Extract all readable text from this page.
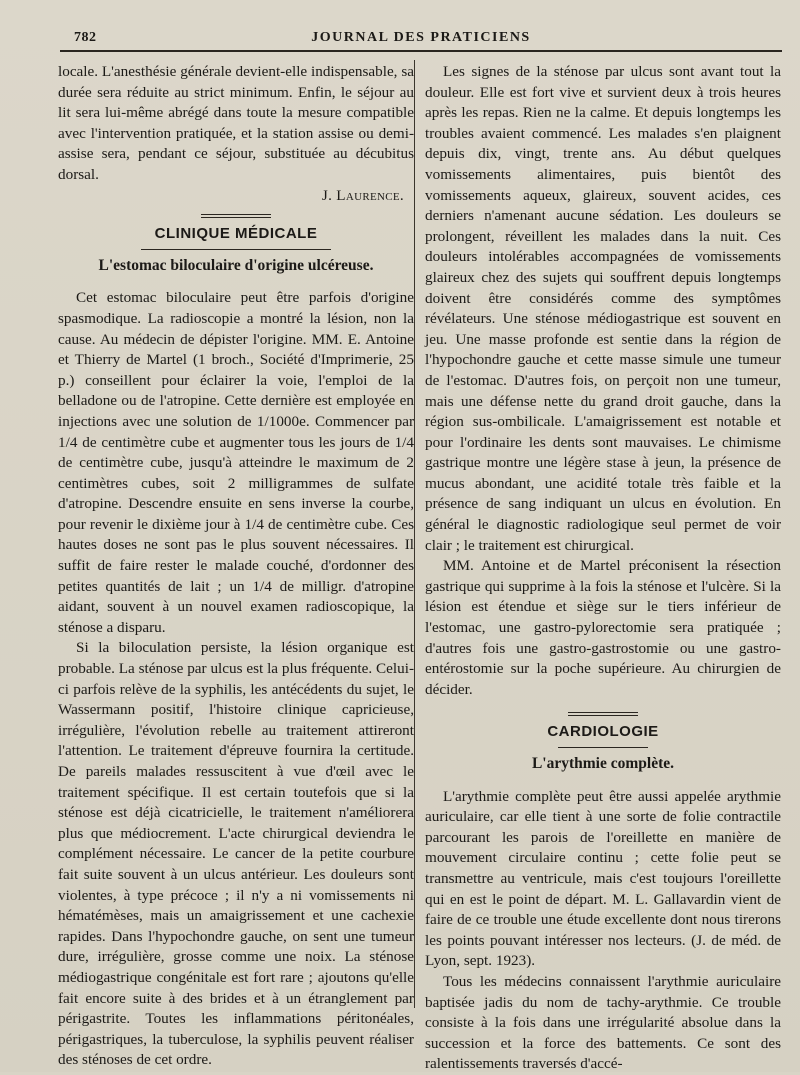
782	JOURNAL DES PRATICIENS

locale. L'anesthésie générale devient-elle indispensable, sa durée sera réduite au strict minimum. Enfin, le séjour au lit sera lui-même abrégé dans toute la mesure compatible avec l'intervention pratiquée, et la station assise ou demi-assise sera, pendant ce séjour, substituée au décubitus dorsal.

J. Laurence.

CLINIQUE MÉDICALE
L'estomac biloculaire d'origine ulcéreuse.

Cet estomac biloculaire peut être parfois d'origine spasmodique. La radioscopie a montré la lésion, non la cause. Au médecin de dépister l'origine. MM. E. Antoine et Thierry de Martel (1 broch., Société d'Imprimerie, 25 p.) conseillent pour éclairer la voie, l'emploi de la belladone ou de l'atropine. Cette dernière est employée en injections avec une solution de 1/1000e. Commencer par 1/4 de centimètre cube et augmenter tous les jours de 1/4 de centimètre cube, jusqu'à atteindre le maximum de 2 centimètres cubes, soit 2 milligrammes de sulfate d'atropine. Descendre ensuite en sens inverse la courbe, pour revenir le dixième jour à 1/4 de centimètre cube. Ces hautes doses ne sont pas le plus souvent nécessaires. Il suffit de faire rester le malade couché, d'ordonner des petites quantités de lait ; un 1/4 de milligr. d'atropine aidant, souvent à un nouvel examen radioscopique, la sténose a disparu.

Si la biloculation persiste, la lésion organique est probable. La sténose par ulcus est la plus fréquente. Celui-ci parfois relève de la syphilis, les antécédents du sujet, le Wassermann positif, l'histoire clinique capricieuse, irrégulière, l'évolution rebelle au traitement attireront l'attention. Le traitement d'épreuve fournira la certitude. De pareils malades ressuscitent à vue d'œil avec le traitement spécifique. Il est certain toutefois que si la sténose est déjà cicatricielle, le traitement n'améliorera plus que médiocrement. L'acte chirurgical deviendra le complément nécessaire. Le cancer de la petite courbure fait suite souvent à un ulcus antérieur. Les douleurs sont violentes, à type précoce ; il n'y a ni vomissements ni hématémèses, mais un amaigrissement et une cachexie rapides. Dans l'hypochondre gauche, on sent une tumeur dure, irrégulière, grosse comme une noix. La sténose médiogastrique congénitale est fort rare ; ajoutons qu'elle fait encore suite à des brides et à un étranglement par périgastrite. Toutes les inflammations péritonéales, périgastriques, la tuberculose, la syphilis peuvent réaliser des sténoses de cet ordre.

Les signes de la sténose par ulcus sont avant tout la douleur. Elle est fort vive et survient deux à trois heures après les repas. Rien ne la calme. Et depuis longtemps les troubles avaient commencé. Les malades s'en plaignent depuis dix, vingt, trente ans. Au début quelques vomissements alimentaires, puis bientôt des vomissements aqueux, glaireux, souvent acides, ces derniers n'amenant aucune sédation. Les douleurs se prolongent, réveillent les malades dans la nuit. Ces douleurs intolérables accompagnées de vomissements glaireux chez des sujets qui souffrent depuis longtemps doivent être considérés comme des symptômes révélateurs. Une sténose médiogastrique est souvent en jeu. Une masse profonde est sentie dans la région de l'hypochondre gauche et cette masse simule une tumeur de l'estomac. D'autres fois, on perçoit non une tumeur, mais une défense nette du grand droit gauche, dans la région sus-ombilicale. L'amaigrissement est notable et pour l'ordinaire les dents sont mauvaises. Le chimisme gastrique montre une légère stase à jeun, la présence de mucus abondant, une acidité totale très faible et la présence de sang indiquant un ulcus en évolution. En général le diagnostic radiologique seul permet de voir clair ; le traitement est chirurgical.

MM. Antoine et de Martel préconisent la résection gastrique qui supprime à la fois la sténose et l'ulcère. Si la lésion est étendue et siège sur le tiers inférieur de l'estomac, une gastro-pylorectomie sera pratiquée ; d'autres fois une gastro-gastrostomie ou une gastro-entérostomie sur la poche supérieure. Au chirurgien de décider.

CARDIOLOGIE
L'arythmie complète.

L'arythmie complète peut être aussi appelée arythmie auriculaire, car elle tient à une sorte de folie contractile parcourant les parois de l'oreillette en manière de mouvement circulaire continu ; cette folie peut se transmettre au ventricule, mais c'est toujours l'oreillette qui en est le point de départ. M. L. Gallavardin vient de faire de ce trouble une étude excellente dont nous tirerons les points pouvant intéresser nos lecteurs. (J. de méd. de Lyon, sept. 1923).

Tous les médecins connaissent l'arythmie auriculaire baptisée jadis du nom de tachy-arythmie. Ce trouble consiste à la fois dans une irrégularité absolue dans la succession et la force des battements. Ce sont des ralentissements traversés d'accé-
